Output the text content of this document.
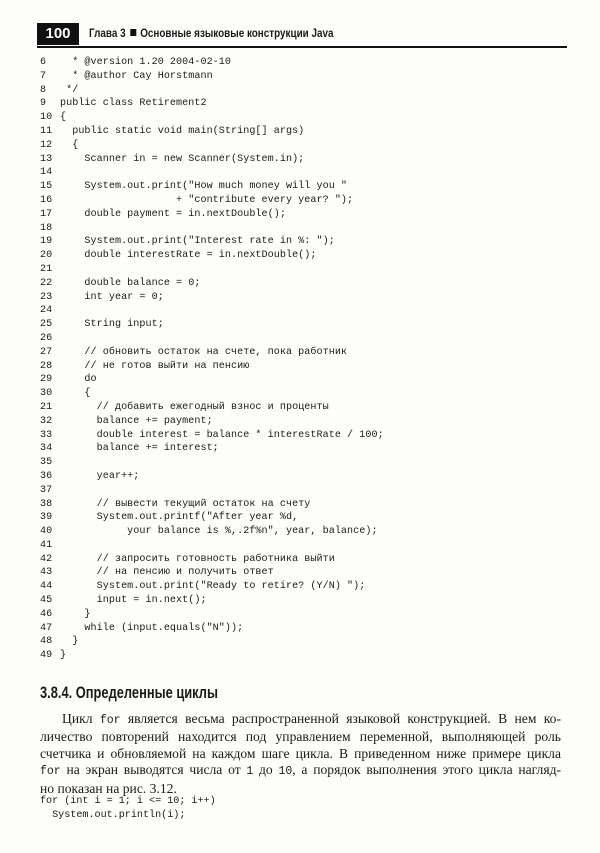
100	Глава 3 Основные языковые конструкции Java
6  * @version 1.20 2004-02-10
7  * @author Cay Horstmann
8 */
9 public class Retirement2
10 {
11  public static void main(String[] args)
12  {
13    Scanner in = new Scanner(System.in);
14
15    System.out.print("How much money will you "
16                   + "contribute every year? ");
17    double payment = in.nextDouble();
18
19    System.out.print("Interest rate in %: ");
20    double interestRate = in.nextDouble();
21
22    double balance = 0;
23    int year = 0;
24
25    String input;
26
27    // обновить остаток на счете, пока работник
28    // не готов выйти на пенсию
29    do
30    {
21      // добавить ежегодный взнос и проценты
32      balance += payment;
33      double interest = balance * interestRate / 100;
34      balance += interest;
35
36      year++;
37
38      // вывести текущий остаток на счету
39      System.out.printf("After year %d,
40           your balance is %,.2f%n", year, balance);
41
42      // запросить готовность работника выйти
43      // на пенсию и получить ответ
44      System.out.print("Ready to retire? (Y/N) ");
45      input = in.next();
46    }
47    while (input.equals("N"));
48  }
49 }
3.8.4. Определенные циклы

Цикл for является весьма распространенной языковой конструкцией. В нем ко-
личество повторений находится под управлением переменной, выполняющей роль
счетчика и обновляемой на каждом шаге цикла. В приведенном ниже примере цикла
for на экран выводятся числа от 1 до 10, а порядок выполнения этого цикла нагляд-
но показан на рис. 3.12.

for (int i = 1; i <= 10; i++)
System.out.println(i);
